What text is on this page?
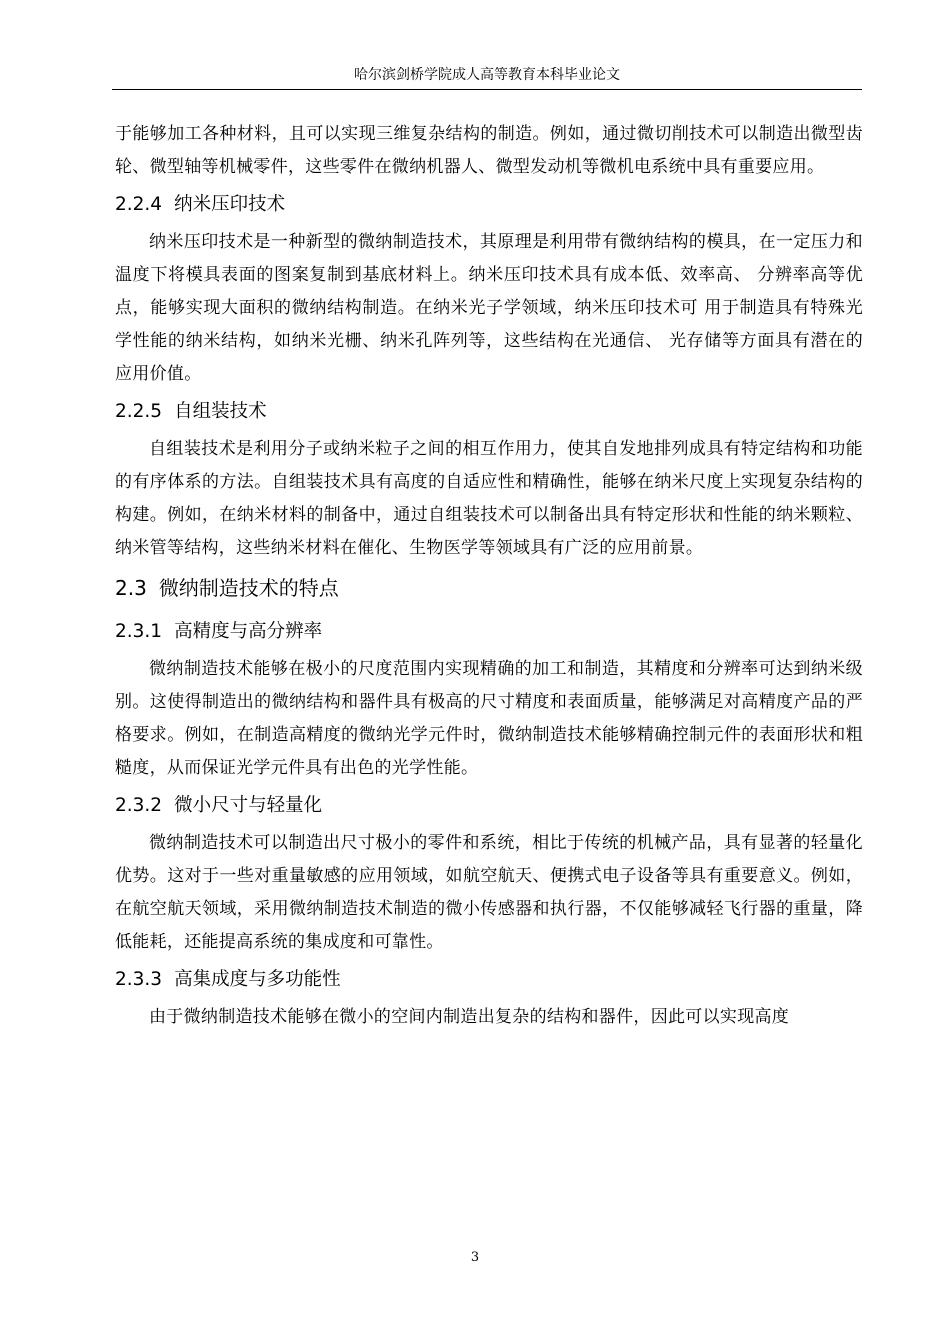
哈尔滨剑桥学院成人高等教育本科毕业论文

于能够加工各种材料，且可以实现三维复杂结构的制造。例如，通过微切削技术可以制造出微型齿轮、微型轴等机械零件，这些零件在微纳机器人、微型发动机等微机电系统中具有重要应用。

2.2.4 纳米压印技术

纳米压印技术是一种新型的微纳制造技术，其原理是利用带有微纳结构的模具，在一定压力和温度下将模具表面的图案复制到基底材料上。纳米压印技术具有成本低、效率高、 分辨率高等优点，能够实现大面积的微纳结构制造。在纳米光子学领域，纳米压印技术可 用于制造具有特殊光学性能的纳米结构，如纳米光栅、纳米孔阵列等，这些结构在光通信、 光存储等方面具有潜在的应用价值。

2.2.5 自组装技术

自组装技术是利用分子或纳米粒子之间的相互作用力，使其自发地排列成具有特定结构和功能的有序体系的方法。自组装技术具有高度的自适应性和精确性，能够在纳米尺度上实现复杂结构的构建。例如，在纳米材料的制备中，通过自组装技术可以制备出具有特定形状和性能的纳米颗粒、纳米管等结构，这些纳米材料在催化、生物医学等领域具有广泛的应用前景。

2.3 微纳制造技术的特点
2.3.1 高精度与高分辨率

微纳制造技术能够在极小的尺度范围内实现精确的加工和制造，其精度和分辨率可达到纳米级别。这使得制造出的微纳结构和器件具有极高的尺寸精度和表面质量，能够满足对高精度产品的严格要求。例如，在制造高精度的微纳光学元件时，微纳制造技术能够精确控制元件的表面形状和粗糙度，从而保证光学元件具有出色的光学性能。

2.3.2 微小尺寸与轻量化

微纳制造技术可以制造出尺寸极小的零件和系统，相比于传统的机械产品，具有显著的轻量化优势。这对于一些对重量敏感的应用领域，如航空航天、便携式电子设备等具有重要意义。例如，在航空航天领域，采用微纳制造技术制造的微小传感器和执行器，不仅能够减轻飞行器的重量，降低能耗，还能提高系统的集成度和可靠性。

2.3.3 高集成度与多功能性

由于微纳制造技术能够在微小的空间内制造出复杂的结构和器件，因此可以实现高度

3
